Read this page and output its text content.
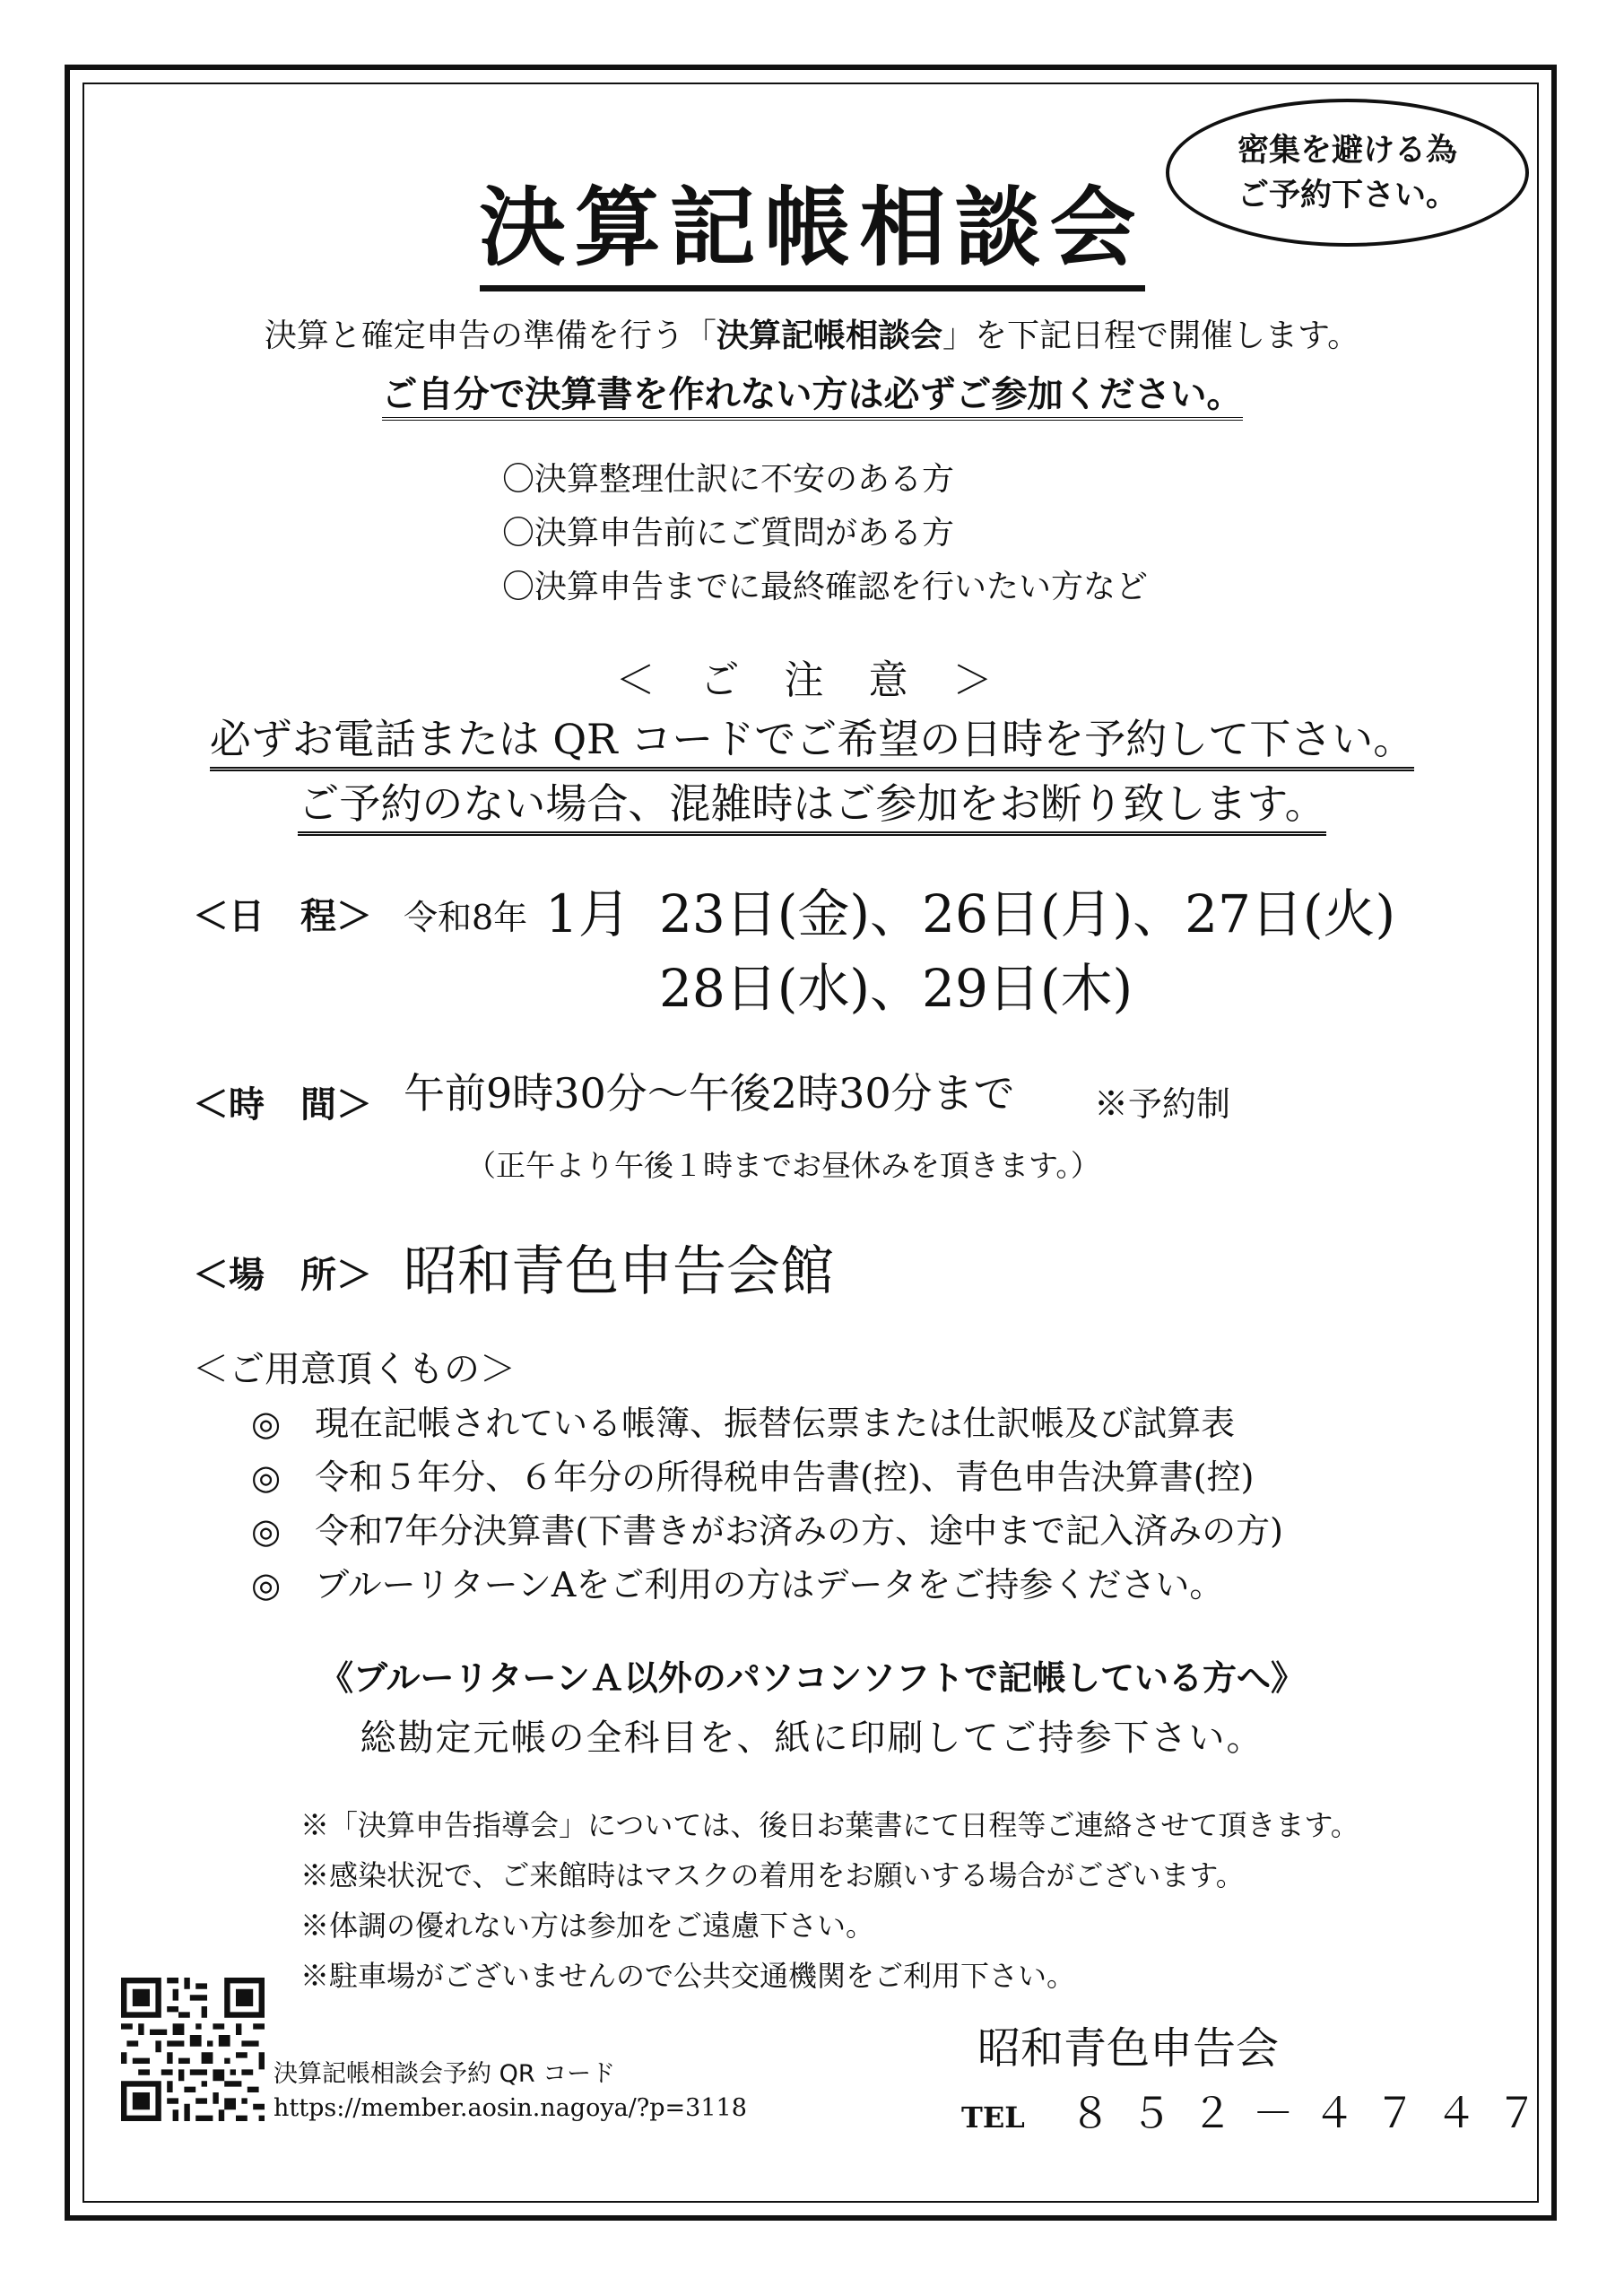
決算記帳相談会
密集を避ける為
ご予約下さい。
決算と確定申告の準備を行う「決算記帳相談会」を下記日程で開催します。
ご自分で決算書を作れない方は必ずご参加ください。
〇決算整理仕訳に不安のある方
〇決算申告前にご質問がある方
〇決算申告までに最終確認を行いたい方など
＜ ご 注 意 ＞
必ずお電話または QR コードでご希望の日時を予約して下さい。
ご予約のない場合、混雑時はご参加をお断り致します。
＜日　程＞ 令和8年 1月 23日(金)、26日(月)、27日(火)
28日(水)、29日(木)
＜時　間＞ 午前9時30分～午後2時30分まで ※予約制
（正午より午後１時までお昼休みを頂きます。）
＜場　所＞ 昭和青色申告会館
＜ご用意頂くもの＞
◎　現在記帳されている帳簿、振替伝票または仕訳帳及び試算表
◎　令和５年分、６年分の所得税申告書(控)、青色申告決算書(控)
◎　令和7年分決算書(下書きがお済みの方、途中まで記入済みの方)
◎　ブルーリターンAをご利用の方はデータをご持参ください。
《ブルーリターンＡ以外のパソコンソフトで記帳している方へ》
総勘定元帳の全科目を、紙に印刷してご持参下さい。
※「決算申告指導会」については、後日お葉書にて日程等ご連絡させて頂きます。
※感染状況で、ご来館時はマスクの着用をお願いする場合がございます。
※体調の優れない方は参加をご遠慮下さい。
※駐車場がございませんので公共交通機関をご利用下さい。
決算記帳相談会予約 QR コード
https://member.aosin.nagoya/?p=3118
昭和青色申告会
TEL ８５２－４７４７
